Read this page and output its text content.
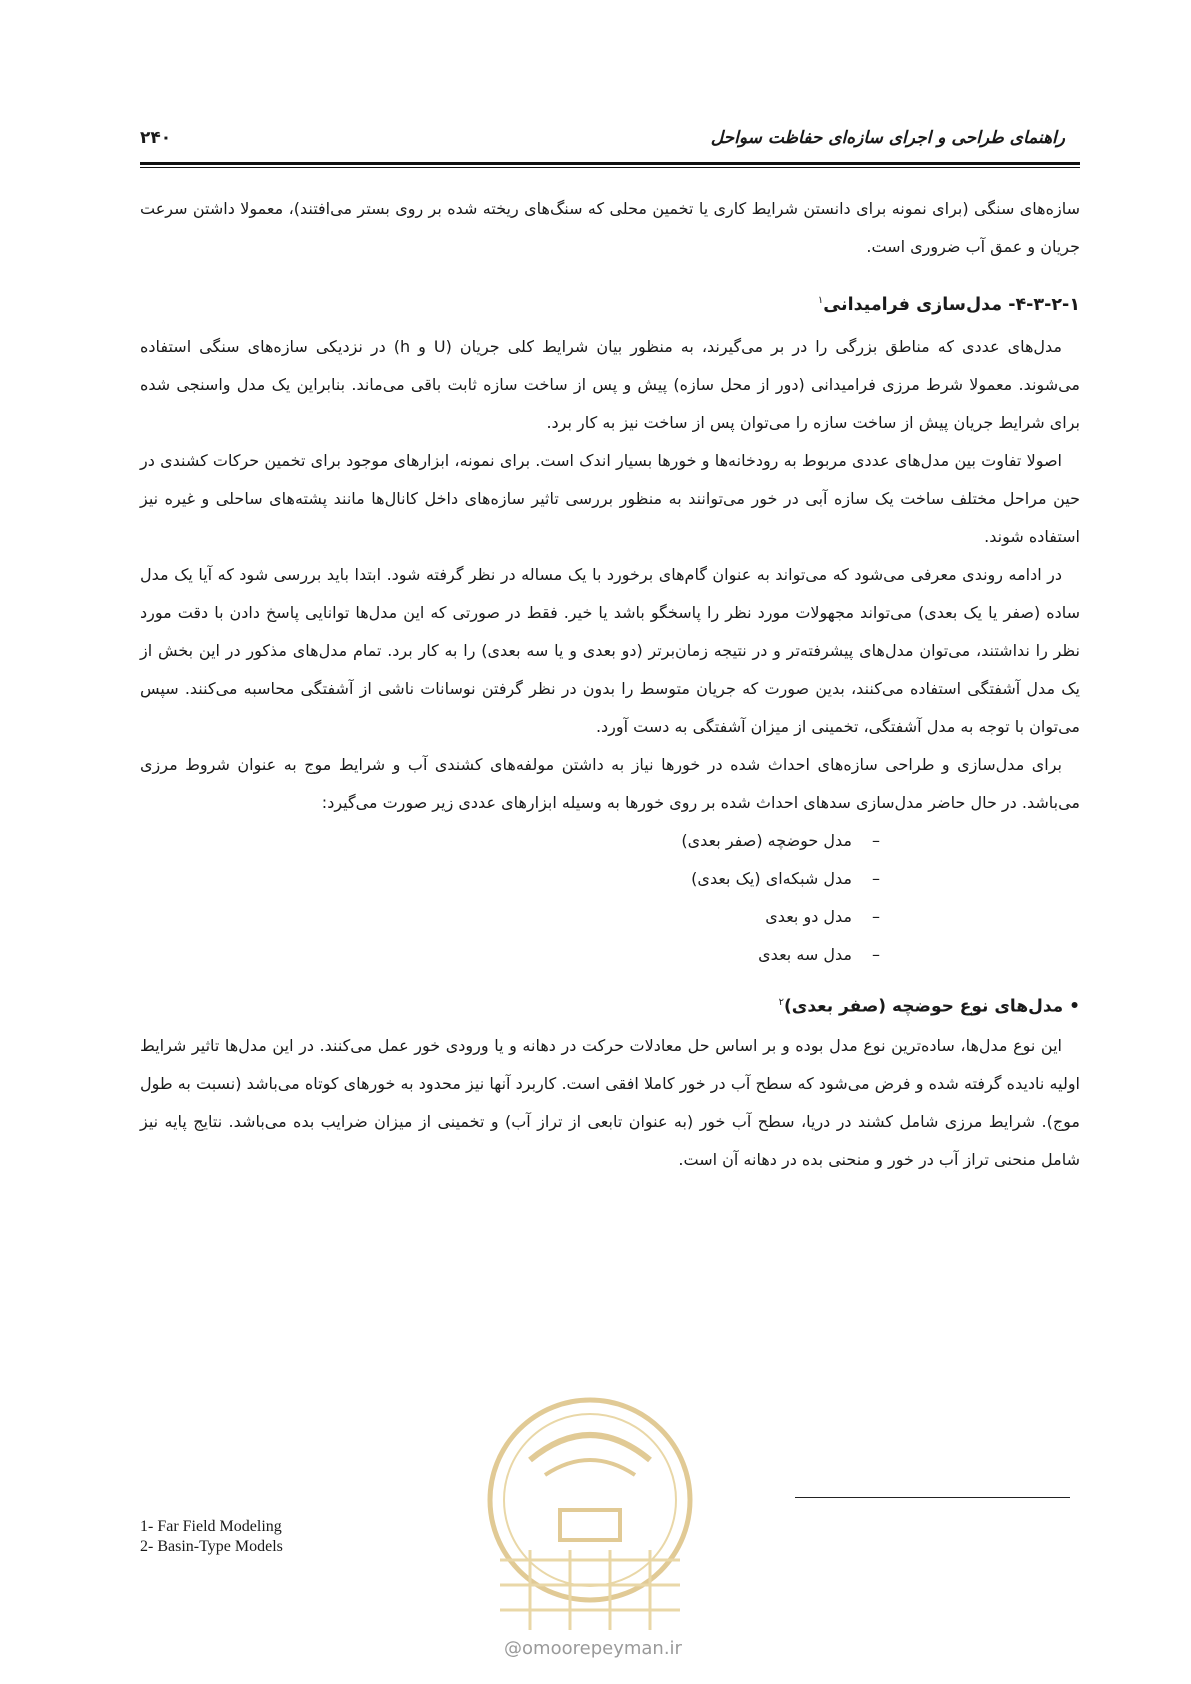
راهنمای طراحی و اجرای سازه‌ای حفاظت سواحل
۲۴۰

سازه‌های سنگی (برای نمونه برای دانستن شرایط کاری یا تخمین محلی که سنگ‌های ریخته شده بر روی بستر می‌افتند)، معمولا داشتن سرعت جریان و عمق آب ضروری است.

۴-۳-۲-۱- مدل‌سازی فرامیدانی$^۱$

مدل‌های عددی که مناطق بزرگی را در بر می‌گیرند، به منظور بیان شرایط کلی جریان (U و h) در نزدیکی سازه‌های سنگی استفاده می‌شوند. معمولا شرط مرزی فرامیدانی (دور از محل سازه) پیش و پس از ساخت سازه ثابت باقی می‌ماند. بنابراین یک مدل واسنجی شده برای شرایط جریان پیش از ساخت سازه را می‌توان پس از ساخت نیز به کار برد.

اصولا تفاوت بین مدل‌های عددی مربوط به رودخانه‌ها و خورها بسیار اندک است. برای نمونه، ابزارهای موجود برای تخمین حرکات کشندی در حین مراحل مختلف ساخت یک سازه آبی در خور می‌توانند به منظور بررسی تاثیر سازه‌های داخل کانال‌ها مانند پشته‌های ساحلی و غیره نیز استفاده شوند.

در ادامه روندی معرفی می‌شود که می‌تواند به عنوان گام‌های برخورد با یک مساله در نظر گرفته شود. ابتدا باید بررسی شود که آیا یک مدل ساده (صفر یا یک بعدی) می‌تواند مجهولات مورد نظر را پاسخگو باشد یا خیر. فقط در صورتی که این مدل‌ها توانایی پاسخ دادن با دقت مورد نظر را نداشتند، می‌توان مدل‌های پیشرفته‌تر و در نتیجه زمان‌برتر (دو بعدی و یا سه بعدی) را به کار برد. تمام مدل‌های مذکور در این بخش از یک مدل آشفتگی استفاده می‌کنند، بدین صورت که جریان متوسط را بدون در نظر گرفتن نوسانات ناشی از آشفتگی محاسبه می‌کنند. سپس می‌توان با توجه به مدل آشفتگی، تخمینی از میزان آشفتگی به دست آورد.

برای مدل‌سازی و طراحی سازه‌های احداث شده در خورها نیاز به داشتن مولفه‌های کشندی آب و شرایط موج به عنوان شروط مرزی می‌باشد. در حال حاضر مدل‌سازی سدهای احداث شده بر روی خورها به وسیله ابزارهای عددی زیر صورت می‌گیرد:

–مدل حوضچه (صفر بعدی)
–مدل شبکه‌ای (یک بعدی)
–مدل دو بعدی
–مدل سه بعدی
• مدل‌های نوع حوضچه (صفر بعدی)$^۲$

این نوع مدل‌ها، ساده‌ترین نوع مدل بوده و بر اساس حل معادلات حرکت در دهانه و یا ورودی خور عمل می‌کنند. در این مدل‌ها تاثیر شرایط اولیه نادیده گرفته شده و فرض می‌شود که سطح آب در خور کاملا افقی است. کاربرد آنها نیز محدود به خورهای کوتاه می‌باشد (نسبت به طول موج). شرایط مرزی شامل کشند در دریا، سطح آب خور (به عنوان تابعی از تراز آب) و تخمینی از میزان ضرایب بده می‌باشد. نتایج پایه نیز شامل منحنی تراز آب در خور و منحنی بده در دهانه آن است.

@omoorepeyman.ir
1- Far Field Modeling
2- Basin-Type Models
